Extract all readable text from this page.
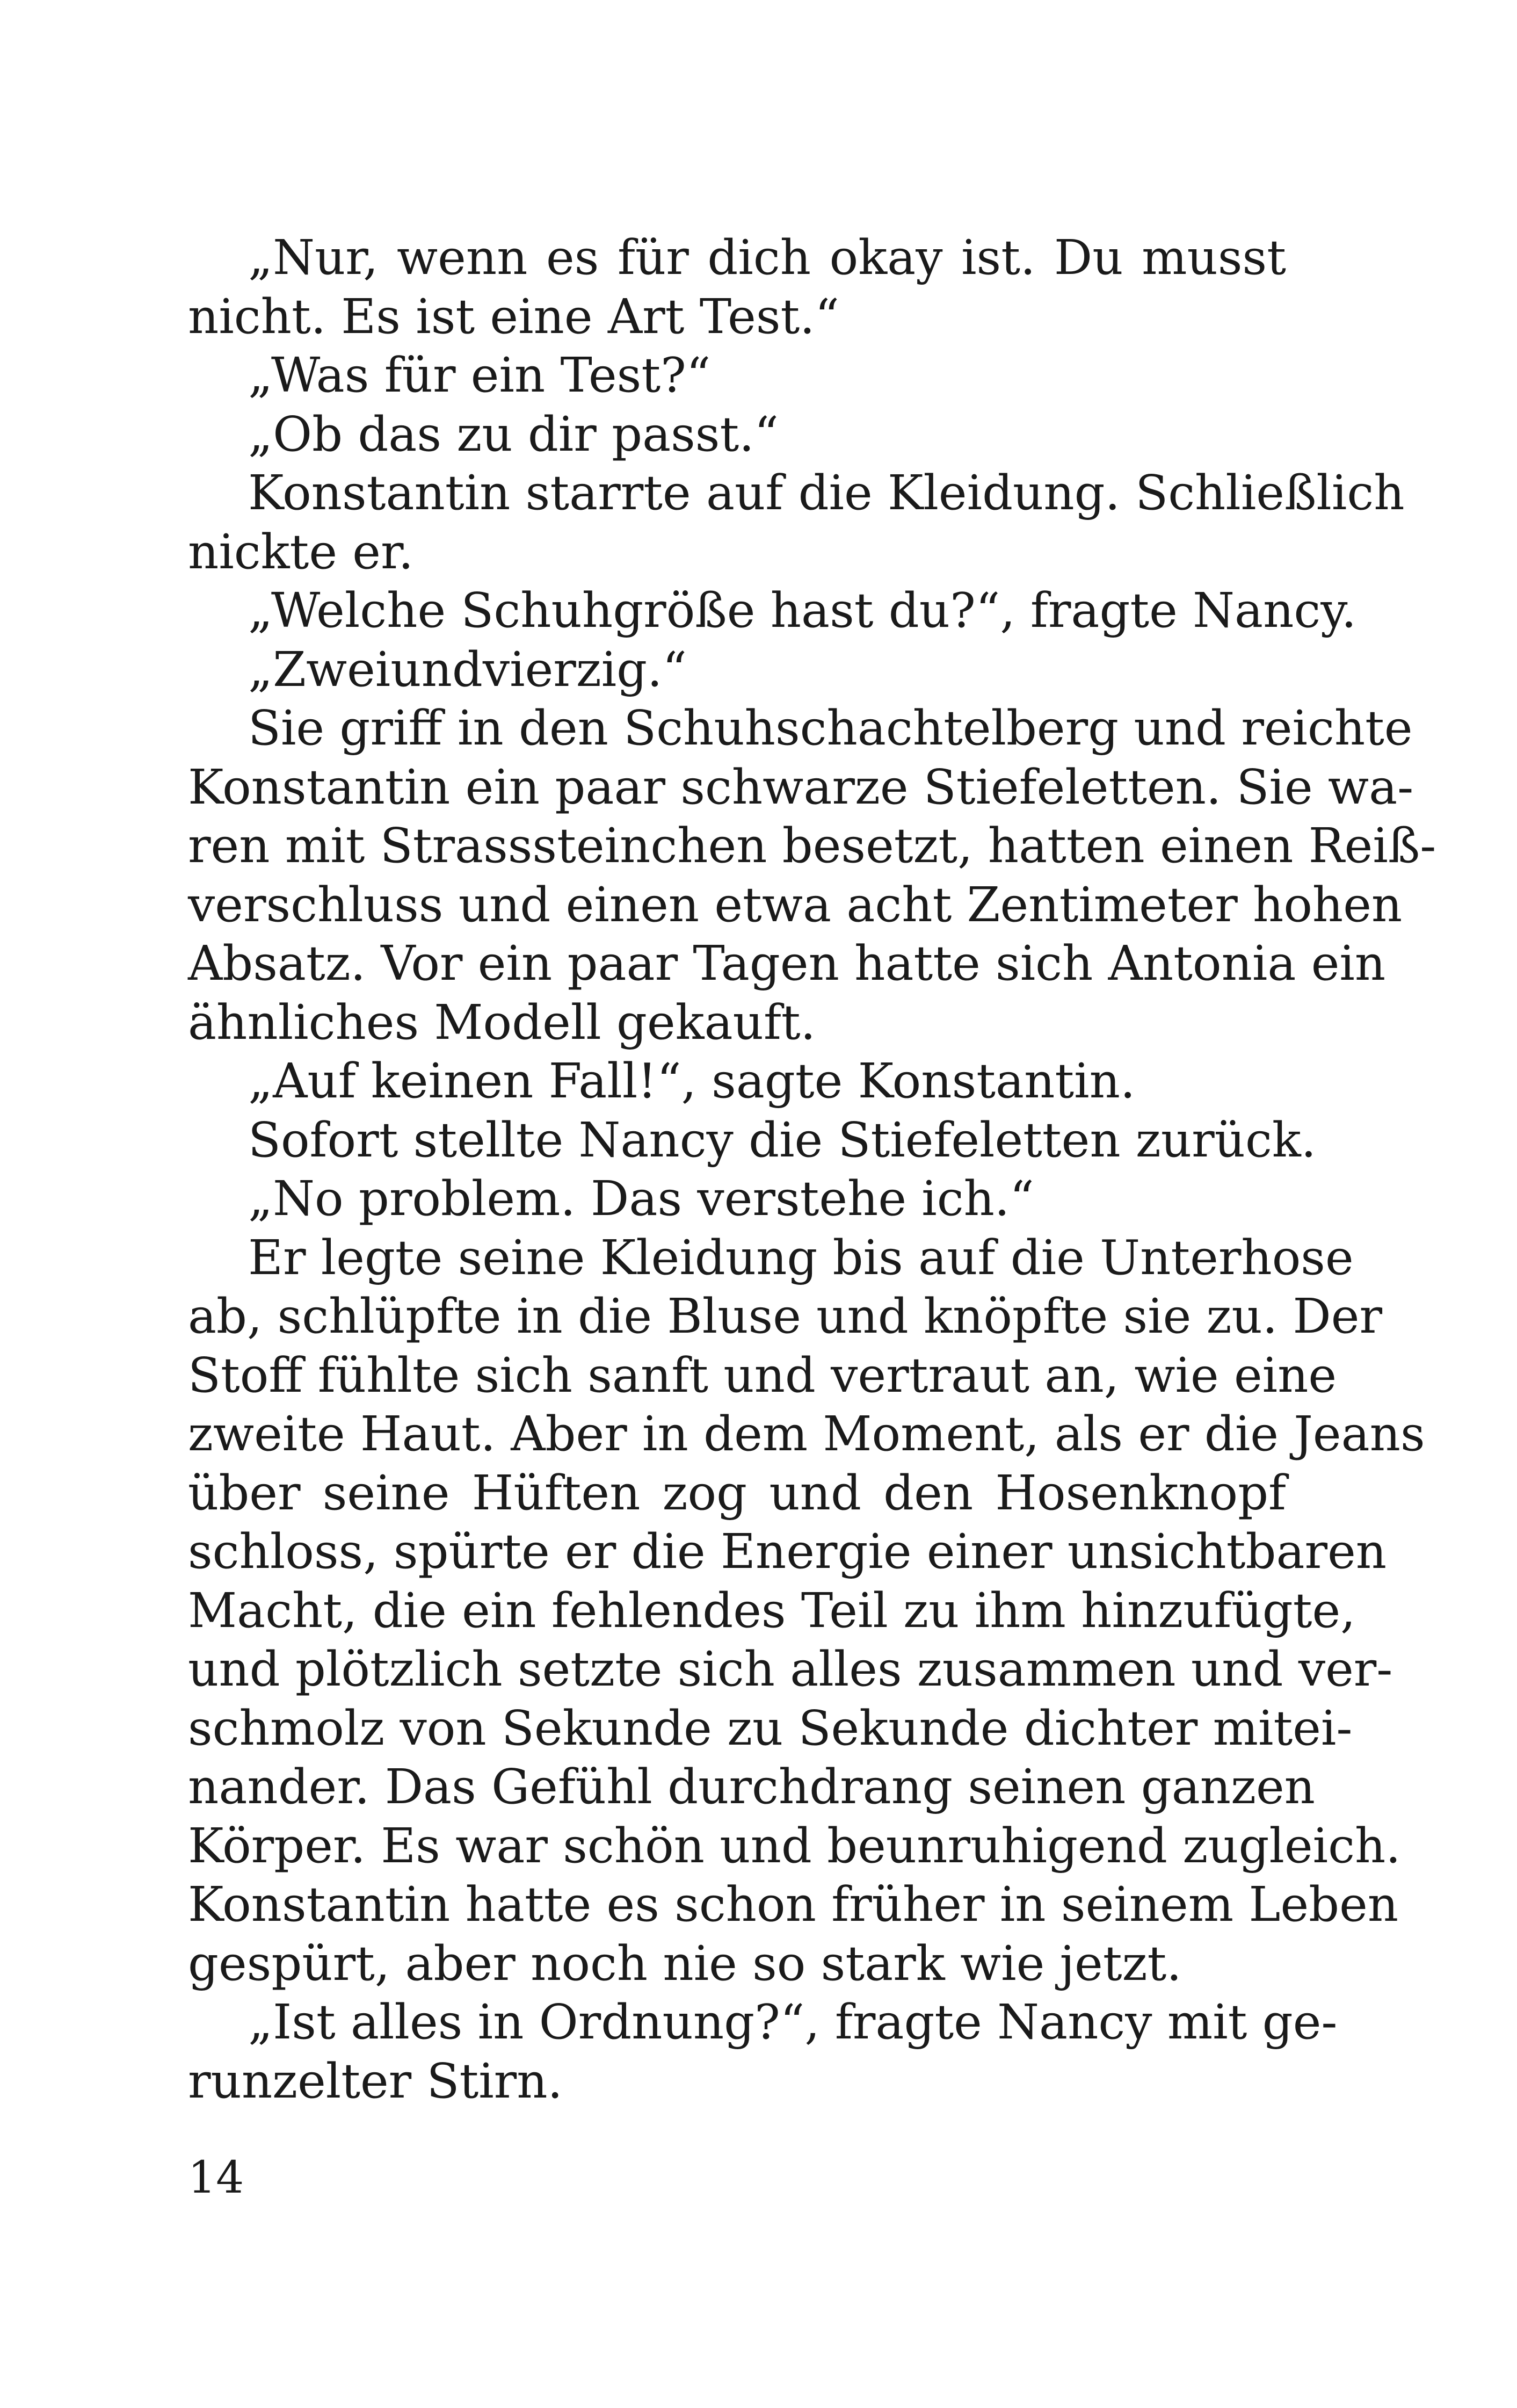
„Nur, wenn es für dich okay ist. Du musst
nicht. Es ist eine Art Test.“
„Was für ein Test?“
„Ob das zu dir passt.“
Konstantin starrte auf die Kleidung. Schließlich
nickte er.
„Welche Schuhgröße hast du?“, fragte Nancy.
„Zweiundvierzig.“
Sie griff in den Schuhschachtelberg und reichte
Konstantin ein paar schwarze Stiefeletten. Sie wa-
ren mit Strasssteinchen besetzt, hatten einen Reiß-
verschluss und einen etwa acht Zentimeter hohen
Absatz. Vor ein paar Tagen hatte sich Antonia ein
ähnliches Modell gekauft.
„Auf keinen Fall!“, sagte Konstantin.
Sofort stellte Nancy die Stiefeletten zurück.
„No problem. Das verstehe ich.“
Er legte seine Kleidung bis auf die Unterhose
ab, schlüpfte in die Bluse und knöpfte sie zu. Der
Stoff fühlte sich sanft und vertraut an, wie eine
zweite Haut. Aber in dem Moment, als er die Jeans
über seine Hüften zog und den Hosenknopf
schloss, spürte er die Energie einer unsichtbaren
Macht, die ein fehlendes Teil zu ihm hinzufügte,
und plötzlich setzte sich alles zusammen und ver-
schmolz von Sekunde zu Sekunde dichter mitei-
nander. Das Gefühl durchdrang seinen ganzen
Körper. Es war schön und beunruhigend zugleich.
Konstantin hatte es schon früher in seinem Leben
gespürt, aber noch nie so stark wie jetzt.
„Ist alles in Ordnung?“, fragte Nancy mit ge-
runzelter Stirn.
14
